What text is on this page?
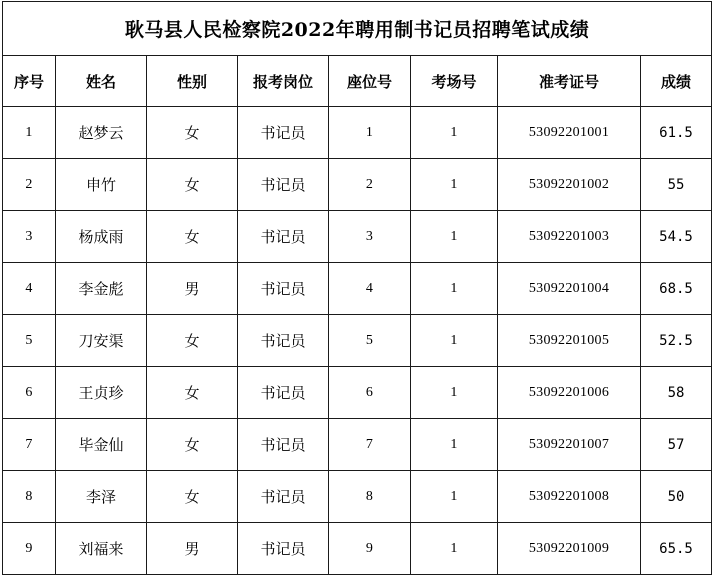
耿马县人民检察院2022年聘用制书记员招聘笔试成绩							
序号	姓名	性别	报考岗位	座位号	考场号	准考证号	成绩
1	赵梦云	女	书记员	1	1	53092201001	61.5
2	申竹	女	书记员	2	1	53092201002	55
3	杨成雨	女	书记员	3	1	53092201003	54.5
4	李金彪	男	书记员	4	1	53092201004	68.5
5	刀安渠	女	书记员	5	1	53092201005	52.5
6	王贞珍	女	书记员	6	1	53092201006	58
7	毕金仙	女	书记员	7	1	53092201007	57
8	李泽	女	书记员	8	1	53092201008	50
9	刘福来	男	书记员	9	1	53092201009	65.5
